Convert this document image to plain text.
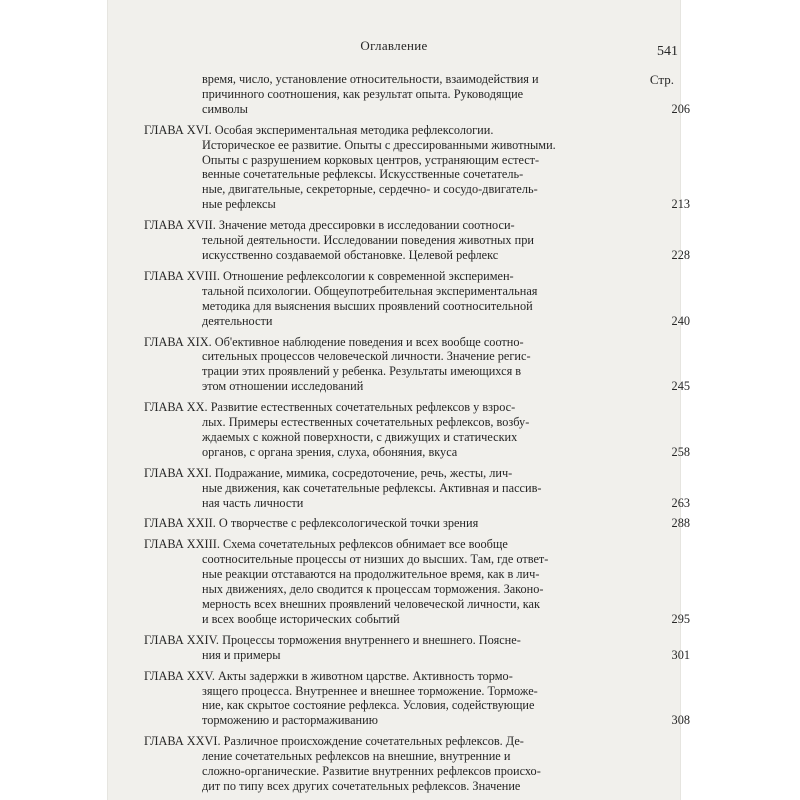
Оглавление	541
Стр.
время, число, установление относительности, взаимодействия и
причинного соотношения, как результат опыта. Руководящие
символы	206
ГЛАВА XVI. Особая экспериментальная методика рефлексологии.
Историческое ее развитие. Опыты с дрессированными животными.
Опыты с разрушением корковых центров, устраняющим естест-
венные сочетательные рефлексы. Искусственные сочетатель-
ные, двигательные, секреторные, сердечно- и сосудо-двигатель-
ные рефлексы	213
ГЛАВА XVII. Значение метода дрессировки в исследовании соотноси-
тельной деятельности. Исследовании поведения животных при
искусственно создаваемой обстановке. Целевой рефлекс	228
ГЛАВА XVIII. Отношение рефлексологии к современной эксперимен-
тальной психологии. Общеупотребительная экспериментальная
методика для выяснения высших проявлений соотносительной
деятельности	240
ГЛАВА XIX. Об'ективное наблюдение поведения и всех вообще соотно-
сительных процессов человеческой личности. Значение регис-
трации этих проявлений у ребенка. Результаты имеющихся в
этом отношении исследований	245
ГЛАВА XX. Развитие естественных сочетательных рефлексов у взрос-
лых. Примеры естественных сочетательных рефлексов, возбу-
ждаемых с кожной поверхности, с движущих и статических
органов, с органа зрения, слуха, обоняния, вкуса	258
ГЛАВА XXI. Подражание, мимика, сосредоточение, речь, жесты, лич-
ные движения, как сочетательные рефлексы. Активная и пассив-
ная часть личности	263
ГЛАВА XXII. О творчестве с рефлексологической точки зрения	288
ГЛАВА XXIII. Схема сочетательных рефлексов обнимает все вообще
соотносительные процессы от низших до высших. Там, где ответ-
ные реакции отставаются на продолжительное время, как в лич-
ных движениях, дело сводится к процессам торможения. Законо-
мерность всех внешних проявлений человеческой личности, как
и всех вообще исторических событий	295
ГЛАВА XXIV. Процессы торможения внутреннего и внешнего. Поясне-
ния и примеры	301
ГЛАВА XXV. Акты задержки в животном царстве. Активность тормо-
зящего процесса. Внутреннее и внешнее торможение. Торможе-
ние, как скрытое состояние рефлекса. Условия, содействующие
торможению и растормаживанию	308
ГЛАВА XXVI. Различное происхождение сочетательных рефлексов. Де-
ление сочетательных рефлексов на внешние, внутренние и
сложно-органические. Развитие внутренних рефлексов происхо-
дит по типу всех других сочетательных рефлексов. Значение
